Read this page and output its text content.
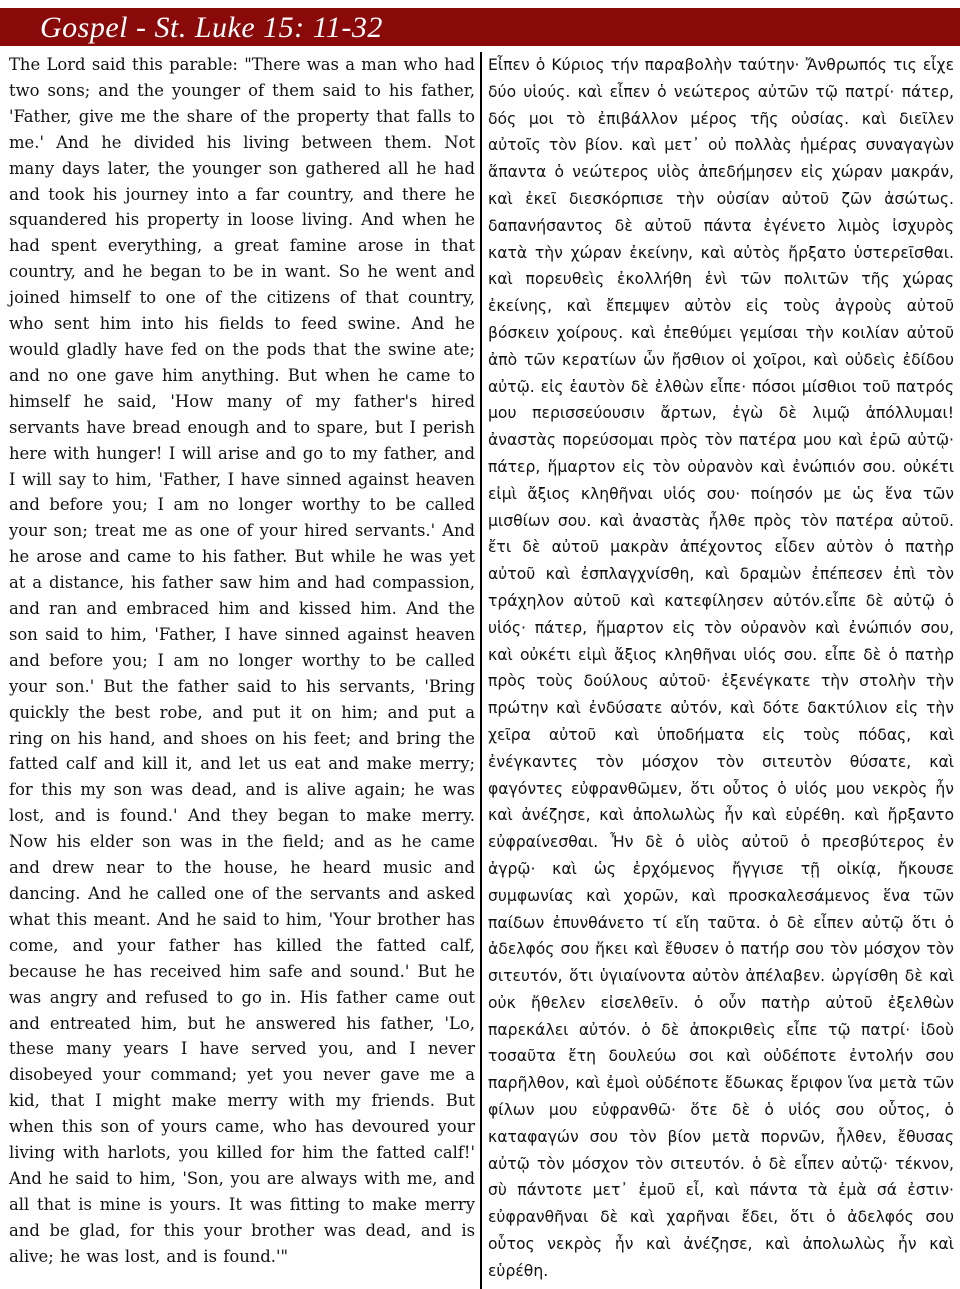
Gospel - St. Luke 15: 11-32
The Lord said this parable: "There was a man who had two sons; and the younger of them said to his father, 'Father, give me the share of the property that falls to me.' And he divided his living between them. Not many days later, the younger son gathered all he had and took his journey into a far country, and there he squandered his property in loose living. And when he had spent everything, a great famine arose in that country, and he began to be in want. So he went and joined himself to one of the citizens of that country, who sent him into his fields to feed swine. And he would gladly have fed on the pods that the swine ate; and no one gave him anything. But when he came to himself he said, 'How many of my father's hired servants have bread enough and to spare, but I perish here with hunger! I will arise and go to my father, and I will say to him, 'Father, I have sinned against heaven and before you; I am no longer worthy to be called your son; treat me as one of your hired servants.' And he arose and came to his father. But while he was yet at a distance, his father saw him and had compassion, and ran and embraced him and kissed him. And the son said to him, 'Father, I have sinned against heaven and before you; I am no longer worthy to be called your son.' But the father said to his servants, 'Bring quickly the best robe, and put it on him; and put a ring on his hand, and shoes on his feet; and bring the fatted calf and kill it, and let us eat and make merry; for this my son was dead, and is alive again; he was lost, and is found.' And they began to make merry. Now his elder son was in the field; and as he came and drew near to the house, he heard music and dancing. And he called one of the servants and asked what this meant. And he said to him, 'Your brother has come, and your father has killed the fatted calf, because he has received him safe and sound.' But he was angry and refused to go in. His father came out and entreated him, but he answered his father, 'Lo, these many years I have served you, and I never disobeyed your command; yet you never gave me a kid, that I might make merry with my friends. But when this son of yours came, who has devoured your living with harlots, you killed for him the fatted calf!' And he said to him, 'Son, you are always with me, and all that is mine is yours. It was fitting to make merry and be glad, for this your brother was dead, and is alive; he was lost, and is found.'"
Εἶπεν ὁ Κύριος τήν παραβολὴν ταύτην· Ἄνθρωπός τις εἶχε δύο υἱούς. καὶ εἶπεν ὁ νεώτερος αὐτῶν τῷ πατρί· πάτερ, δός μοι τὸ ἐπιβάλλον μέρος τῆς οὐσίας. καὶ διεῖλεν αὐτοῖς τὸν βίον. καὶ μετ᾿ οὐ πολλὰς ἡμέρας συναγαγὼν ἅπαντα ὁ νεώτερος υἱὸς ἀπεδήμησεν εἰς χώραν μακράν, καὶ ἐκεῖ διεσκόρπισε τὴν οὐσίαν αὐτοῦ ζῶν ἀσώτως. δαπανήσαντος δὲ αὐτοῦ πάντα ἐγένετο λιμὸς ἰσχυρὸς κατὰ τὴν χώραν ἐκείνην, καὶ αὐτὸς ἤρξατο ὑστερεῖσθαι. καὶ πορευθεὶς ἐκολλήθη ἑνὶ τῶν πολιτῶν τῆς χώρας ἐκείνης, καὶ ἔπεμψεν αὐτὸν εἰς τοὺς ἀγροὺς αὐτοῦ βόσκειν χοίρους. καὶ ἐπεθύμει γεμίσαι τὴν κοιλίαν αὐτοῦ ἀπὸ τῶν κερατίων ὧν ἤσθιον οἱ χοῖροι, καὶ οὐδεὶς ἐδίδου αὐτῷ. εἰς ἑαυτὸν δὲ ἐλθὼν εἶπε· πόσοι μίσθιοι τοῦ πατρός μου περισσεύουσιν ἄρτων, ἐγὼ δὲ λιμῷ ἀπόλλυμαι!ἀναστὰς πορεύσομαι πρὸς τὸν πατέρα μου καὶ ἐρῶ αὐτῷ· πάτερ, ἥμαρτον εἰς τὸν οὐρανὸν καὶ ἐνώπιόν σου. οὐκέτι εἰμὶ ἄξιος κληθῆναι υἱός σου· ποίησόν με ὡς ἕνα τῶν μισθίων σου. καὶ ἀναστὰς ἦλθε πρὸς τὸν πατέρα αὐτοῦ. ἔτι δὲ αὐτοῦ μακρὰν ἀπέχοντος εἶδεν αὐτὸν ὁ πατὴρ αὐτοῦ καὶ ἐσπλαγχνίσθη, καὶ δραμὼν ἐπέπεσεν ἐπὶ τὸν τράχηλον αὐτοῦ καὶ κατεφίλησεν αὐτόν.εἶπε δὲ αὐτῷ ὁ υἱός· πάτερ, ἥμαρτον εἰς τὸν οὐρανὸν καὶ ἐνώπιόν σου, καὶ οὐκέτι εἰμὶ ἄξιος κληθῆναι υἱός σου. εἶπε δὲ ὁ πατὴρ πρὸς τοὺς δούλους αὐτοῦ· ἐξενέγκατε τὴν στολὴν τὴν πρώτην καὶ ἐνδύσατε αὐτόν, καὶ δότε δακτύλιον εἰς τὴν χεῖρα αὐτοῦ καὶ ὑποδήματα εἰς τοὺς πόδας, καὶ ἐνέγκαντες τὸν μόσχον τὸν σιτευτὸν θύσατε, καὶ φαγόντες εὐφρανθῶμεν, ὅτι οὗτος ὁ υἱός μου νεκρὸς ἦν καὶ ἀνέζησε, καὶ ἀπολωλὼς ἦν καὶ εὑρέθη. καὶ ἤρξαντο εὐφραίνεσθαι. Ἦν δὲ ὁ υἱὸς αὐτοῦ ὁ πρεσβύτερος ἐν ἀγρῷ· καὶ ὡς ἐρχόμενος ἤγγισε τῇ οἰκίᾳ, ἤκουσε συμφωνίας καὶ χορῶν, καὶ προσκαλεσάμενος ἕνα τῶν παίδων ἐπυνθάνετο τί εἴη ταῦτα. ὁ δὲ εἶπεν αὐτῷ ὅτι ὁ ἀδελφός σου ἥκει καὶ ἔθυσεν ὁ πατήρ σου τὸν μόσχον τὸν σιτευτόν, ὅτι ὑγιαίνοντα αὐτὸν ἀπέλαβεν. ὠργίσθη δὲ καὶ οὐκ ἤθελεν εἰσελθεῖν. ὁ οὖν πατὴρ αὐτοῦ ἐξελθὼν παρεκάλει αὐτόν. ὁ δὲ ἀποκριθεὶς εἶπε τῷ πατρί· ἰδοὺ τοσαῦτα ἔτη δουλεύω σοι καὶ οὐδέποτε ἐντολήν σου παρῆλθον, καὶ ἐμοὶ οὐδέποτε ἔδωκας ἔριφον ἵνα μετὰ τῶν φίλων μου εὐφρανθῶ· ὅτε δὲ ὁ υἱός σου οὗτος, ὁ καταφαγών σου τὸν βίον μετὰ πορνῶν, ἦλθεν, ἔθυσας αὐτῷ τὸν μόσχον τὸν σιτευτόν. ὁ δὲ εἶπεν αὐτῷ· τέκνον, σὺ πάντοτε μετ᾿ ἐμοῦ εἶ, καὶ πάντα τὰ ἐμὰ σά ἐστιν· εὐφρανθῆναι δὲ καὶ χαρῆναι ἔδει, ὅτι ὁ ἀδελφός σου οὗτος νεκρὸς ἦν καὶ ἀνέζησε, καὶ ἀπολωλὼς ἦν καὶ εὑρέθη.
